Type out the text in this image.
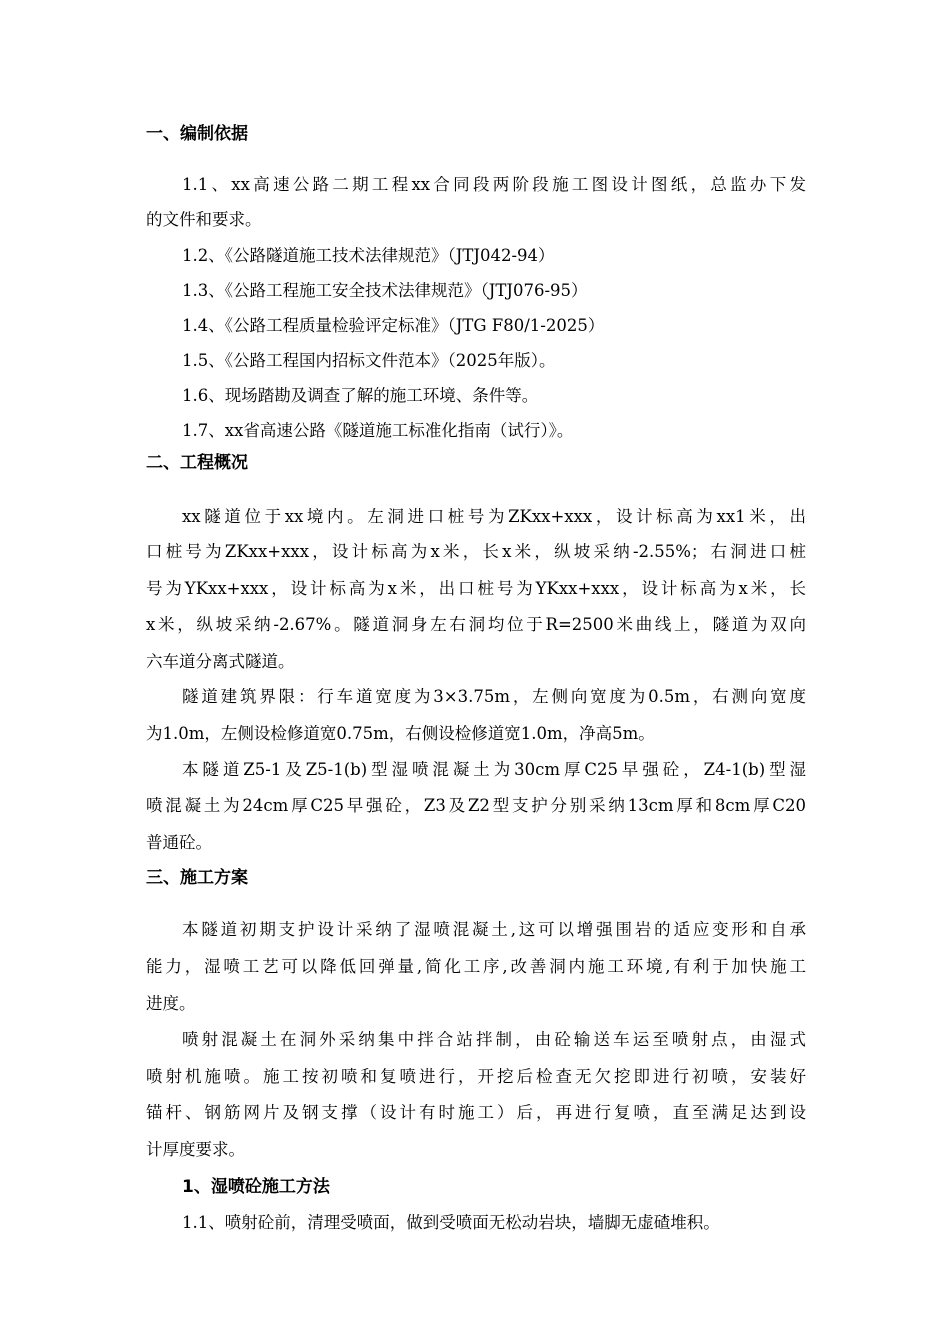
一、编制依据
1.1、xx高速公路二期工程xx合同段两阶段施工图设计图纸，总监办下发
的文件和要求。
1.2、《公路隧道施工技术法律规范》（JTJ042-94）
1.3、《公路工程施工安全技术法律规范》（JTJ076-95）
1.4、《公路工程质量检验评定标准》（JTG F80/1-2025）
1.5、《公路工程国内招标文件范本》（2025年版）。
1.6、现场踏勘及调查了解的施工环境、条件等。
1.7、xx省高速公路《隧道施工标准化指南（试行）》。
二、工程概况
xx隧道位于xx境内。左洞进口桩号为ZKxx+xxx，设计标高为xx1米，出
口桩号为ZKxx+xxx，设计标高为x米，长x米，纵坡采纳-2.55%；右洞进口桩
号为YKxx+xxx，设计标高为x米，出口桩号为YKxx+xxx，设计标高为x米，长
x米，纵坡采纳-2.67%。隧道洞身左右洞均位于R=2500米曲线上，隧道为双向
六车道分离式隧道。
隧道建筑界限：行车道宽度为3×3.75m，左侧向宽度为0.5m，右测向宽度
为1.0m，左侧设检修道宽0.75m，右侧设检修道宽1.0m，净高5m。
本隧道Z5-1及Z5-1(b)型湿喷混凝土为30cm厚C25早强砼，Z4-1(b)型湿
喷混凝土为24cm厚C25早强砼，Z3及Z2型支护分别采纳13cm厚和8cm厚C20
普通砼。
三、施工方案
本隧道初期支护设计采纳了湿喷混凝土,这可以增强围岩的适应变形和自承
能力，湿喷工艺可以降低回弹量,简化工序,改善洞内施工环境,有利于加快施工
进度。
喷射混凝土在洞外采纳集中拌合站拌制，由砼输送车运至喷射点，由湿式
喷射机施喷。施工按初喷和复喷进行，开挖后检查无欠挖即进行初喷，安装好
锚杆、钢筋网片及钢支撑（设计有时施工）后，再进行复喷，直至满足达到设
计厚度要求。
1、湿喷砼施工方法
1.1、喷射砼前，清理受喷面，做到受喷面无松动岩块，墙脚无虚碴堆积。
